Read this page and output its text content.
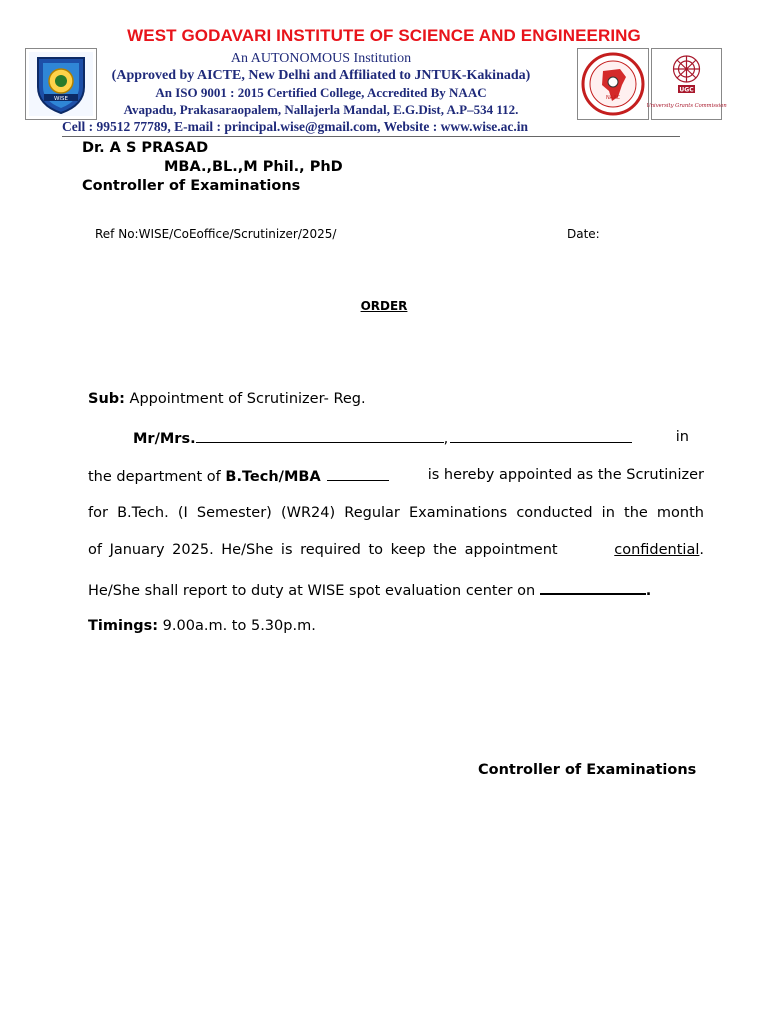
WEST GODAVARI INSTITUTE OF SCIENCE AND ENGINEERING
WISE	NAAC
UGC
University Grants Commission
An AUTONOMOUS Institution
(Approved by AICTE, New Delhi and Affiliated to JNTUK-Kakinada)
An ISO 9001 : 2015 Certified College, Accredited By NAAC
Avapadu, Prakasaraopalem, Nallajerla Mandal, E.G.Dist, A.P–534 112.
Cell : 99512 77789, E-mail : principal.wise@gmail.com, Website : www.wise.ac.in
Dr. A S PRASAD
MBA.,BL.,M Phil., PhD
Controller of Examinations
Ref No:WISE/CoEoffice/Scrutinizer/2025/	Date:
ORDER
Sub: Appointment of Scrutinizer- Reg.
Mr/Mrs.	,	in
the department of B.Tech/MBA	is hereby appointed as the Scrutinizer
for B.Tech. (I Semester) (WR24) Regular Examinations conducted in the month
of January 2025. He/She is required to keep the appointment	confidential.
He/She shall report to duty at WISE spot evaluation center on	.
Timings: 9.00a.m. to 5.30p.m.
Controller of Examinations
